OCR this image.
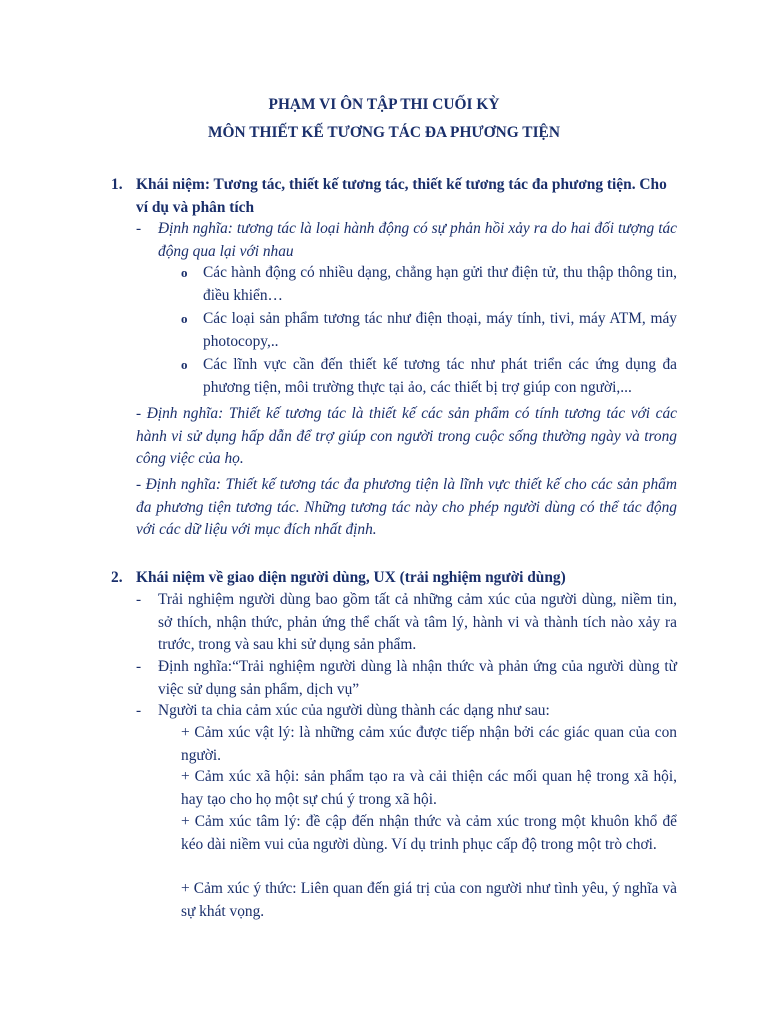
PHẠM VI ÔN TẬP THI CUỐI KỲ
MÔN THIẾT KẾ TƯƠNG TÁC ĐA PHƯƠNG TIỆN
1. Khái niệm: Tương tác, thiết kế tương tác, thiết kế tương tác đa phương tiện. Cho ví dụ và phân tích
-	Định nghĩa: tương tác là loại hành động có sự phản hồi xảy ra do hai đối tượng tác động qua lại với nhau
o	Các hành động có nhiều dạng, chẳng hạn gửi thư điện tử, thu thập thông tin, điều khiển…
o	Các loại sản phẩm tương tác như điện thoại, máy tính, tivi, máy ATM, máy photocopy,..
o	Các lĩnh vực cần đến thiết kế tương tác như phát triển các ứng dụng đa phương tiện, môi trường thực tại ảo, các thiết bị trợ giúp con người,...
- Định nghĩa: Thiết kế tương tác là thiết kế các sản phẩm có tính tương tác với các hành vi sử dụng hấp dẫn để trợ giúp con người trong cuộc sống thường ngày và trong công việc của họ.
- Định nghĩa: Thiết kế tương tác đa phương tiện là lĩnh vực thiết kế cho các sản phẩm đa phương tiện tương tác. Những tương tác này cho phép người dùng có thể tác động với các dữ liệu với mục đích nhất định.
2. Khái niệm về giao diện người dùng, UX (trải nghiệm người dùng)
-	Trải nghiệm người dùng bao gồm tất cả những cảm xúc của người dùng, niềm tin, sở thích, nhận thức, phản ứng thể chất và tâm lý, hành vi và thành tích nào xảy ra trước, trong và sau khi sử dụng sản phẩm.
-	Định nghĩa:“Trải nghiệm người dùng là nhận thức và phản ứng của người dùng từ việc sử dụng sản phẩm, dịch vụ”
-	Người ta chia cảm xúc của người dùng thành các dạng như sau:
+ Cảm xúc vật lý: là những cảm xúc được tiếp nhận bởi các giác quan của con người.
+ Cảm xúc xã hội: sản phẩm tạo ra và cải thiện các mối quan hệ trong xã hội, hay tạo cho họ một sự chú ý trong xã hội.
+ Cảm xúc tâm lý: đề cập đến nhận thức và cảm xúc trong một khuôn khổ để kéo dài niềm vui của người dùng. Ví dụ trinh phục cấp độ trong một trò chơi.
+ Cảm xúc ý thức: Liên quan đến giá trị của con người như tình yêu, ý nghĩa và sự khát vọng.
